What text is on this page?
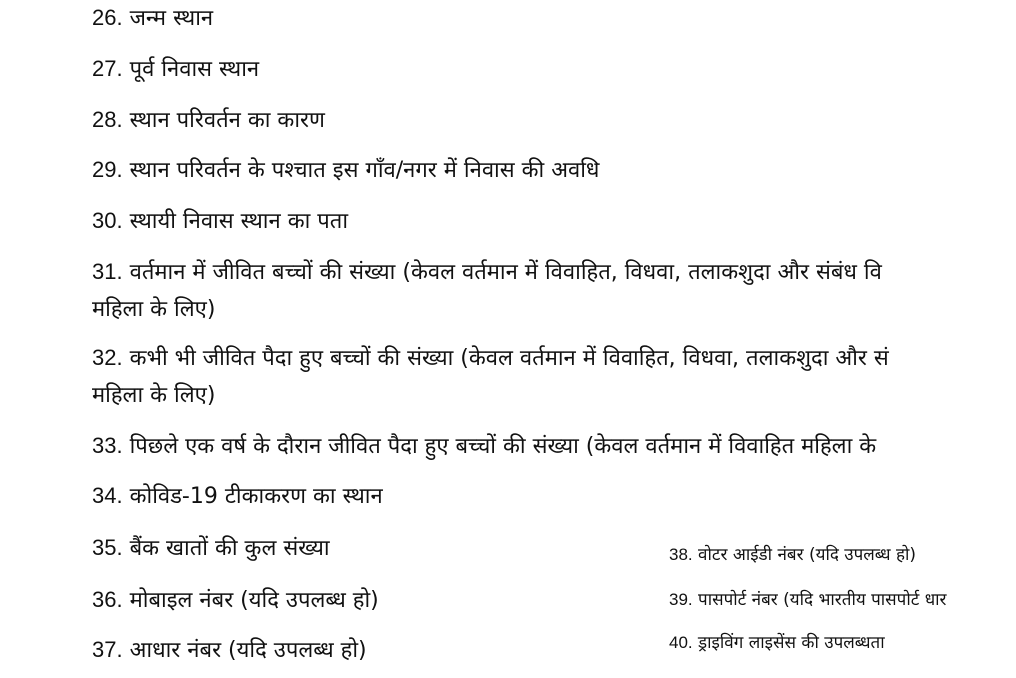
26. जन्म स्थान
27. पूर्व निवास स्थान
28. स्थान परिवर्तन का कारण
29. स्थान परिवर्तन के पश्चात इस गाँव/नगर में निवास की अवधि
30. स्थायी निवास स्थान का पता
31. वर्तमान में जीवित बच्चों की संख्या (केवल वर्तमान में विवाहित, विधवा, तलाकशुदा और संबंध वि
महिला के लिए)
32. कभी भी जीवित पैदा हुए बच्चों की संख्या (केवल वर्तमान में विवाहित, विधवा, तलाकशुदा और सं
महिला के लिए)
33. पिछले एक वर्ष के दौरान जीवित पैदा हुए बच्चों की संख्या (केवल वर्तमान में विवाहित महिला के
34. कोविड-19 टीकाकरण का स्थान
35. बैंक खातों की कुल संख्या
36. मोबाइल नंबर (यदि उपलब्ध हो)
37. आधार नंबर (यदि उपलब्ध हो)
38. वोटर आईडी नंबर (यदि उपलब्ध हो)
39. पासपोर्ट नंबर (यदि भारतीय पासपोर्ट धार
40. ड्राइविंग लाइसेंस की उपलब्धता
